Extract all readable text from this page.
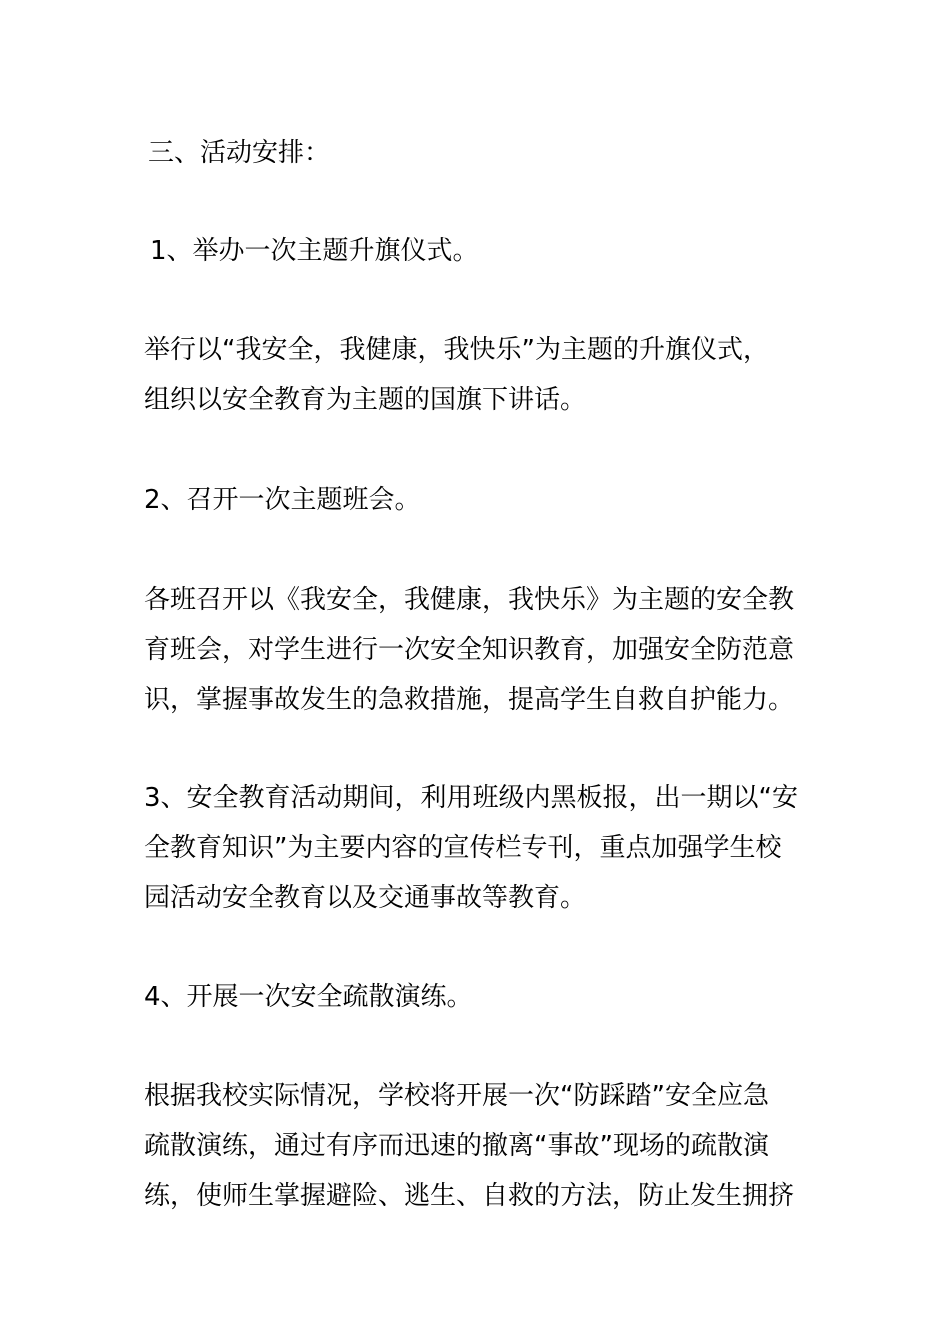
三、活动安排：
1、举办一次主题升旗仪式。
举行以“我安全，我健康，我快乐”为主题的升旗仪式，
组织以安全教育为主题的国旗下讲话。
2、召开一次主题班会。
各班召开以《我安全，我健康，我快乐》为主题的安全教
育班会，对学生进行一次安全知识教育，加强安全防范意
识，掌握事故发生的急救措施，提高学生自救自护能力。
3、安全教育活动期间，利用班级内黑板报，出一期以“安
全教育知识”为主要内容的宣传栏专刊，重点加强学生校
园活动安全教育以及交通事故等教育。
4、开展一次安全疏散演练。
根据我校实际情况，学校将开展一次“防踩踏”安全应急
疏散演练，通过有序而迅速的撤离“事故”现场的疏散演
练，使师生掌握避险、逃生、自救的方法，防止发生拥挤
